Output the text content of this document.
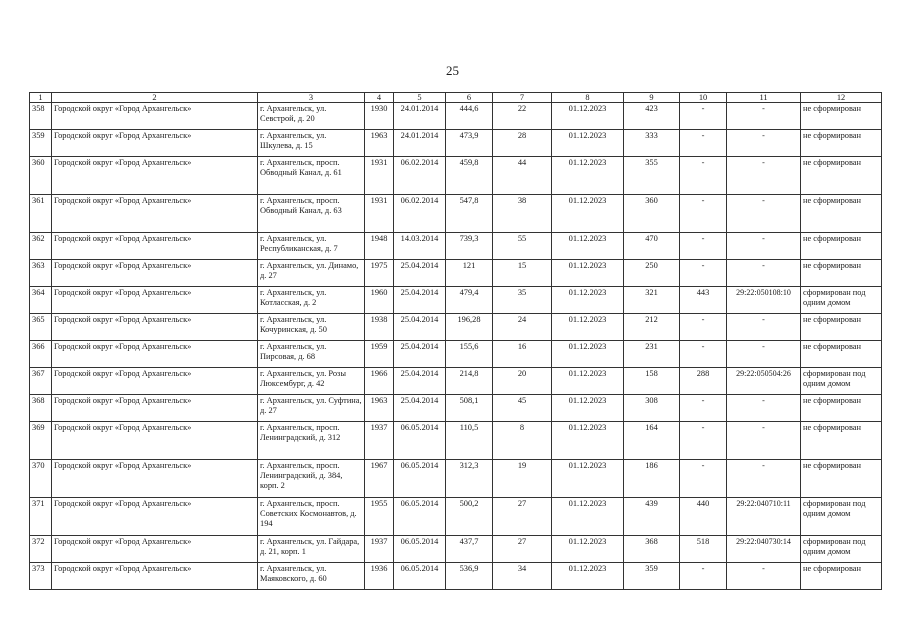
25
1	2	3	4	5	6	7	8	9	10	11	12
358	Городской округ «Город Архангельск»	г. Архангельск, ул. Севстрой, д. 20	1930	24.01.2014	444,6	22	01.12.2023	423	-	-	не сформирован
359	Городской округ «Город Архангельск»	г. Архангельск, ул. Шкулева, д. 15	1963	24.01.2014	473,9	28	01.12.2023	333	-	-	не сформирован
360	Городской округ «Город Архангельск»	г. Архангельск, просп. Обводный Канал, д. 61	1931	06.02.2014	459,8	44	01.12.2023	355	-	-	не сформирован
361	Городской округ «Город Архангельск»	г. Архангельск, просп. Обводный Канал, д. 63	1931	06.02.2014	547,8	38	01.12.2023	360	-	-	не сформирован
362	Городской округ «Город Архангельск»	г. Архангельск, ул. Республиканская, д. 7	1948	14.03.2014	739,3	55	01.12.2023	470	-	-	не сформирован
363	Городской округ «Город Архангельск»	г. Архангельск, ул. Динамо, д. 27	1975	25.04.2014	121	15	01.12.2023	250	-	-	не сформирован
364	Городской округ «Город Архангельск»	г. Архангельск, ул. Котласская, д. 2	1960	25.04.2014	479,4	35	01.12.2023	321	443	29:22:050108:10	сформирован под одним домом
365	Городской округ «Город Архангельск»	г. Архангельск, ул. Кочуринская, д. 50	1938	25.04.2014	196,28	24	01.12.2023	212	-	-	не сформирован
366	Городской округ «Город Архангельск»	г. Архангельск, ул. Пирсовая, д. 68	1959	25.04.2014	155,6	16	01.12.2023	231	-	-	не сформирован
367	Городской округ «Город Архангельск»	г. Архангельск, ул. Розы Люксембург, д. 42	1966	25.04.2014	214,8	20	01.12.2023	158	288	29:22:050504:26	сформирован под одним домом
368	Городской округ «Город Архангельск»	г. Архангельск, ул. Суфтина, д. 27	1963	25.04.2014	508,1	45	01.12.2023	308	-	-	не сформирован
369	Городской округ «Город Архангельск»	г. Архангельск, просп. Ленинградский, д. 312	1937	06.05.2014	110,5	8	01.12.2023	164	-	-	не сформирован
370	Городской округ «Город Архангельск»	г. Архангельск, просп. Ленинградский, д. 384, корп. 2	1967	06.05.2014	312,3	19	01.12.2023	186	-	-	не сформирован
371	Городской округ «Город Архангельск»	г. Архангельск, просп. Советских Космонавтов, д. 194	1955	06.05.2014	500,2	27	01.12.2023	439	440	29:22:040710:11	сформирован под одним домом
372	Городской округ «Город Архангельск»	г. Архангельск, ул. Гайдара, д. 21, корп. 1	1937	06.05.2014	437,7	27	01.12.2023	368	518	29:22:040730:14	сформирован под одним домом
373	Городской округ «Город Архангельск»	г. Архангельск, ул. Маяковского, д. 60	1936	06.05.2014	536,9	34	01.12.2023	359	-	-	не сформирован
